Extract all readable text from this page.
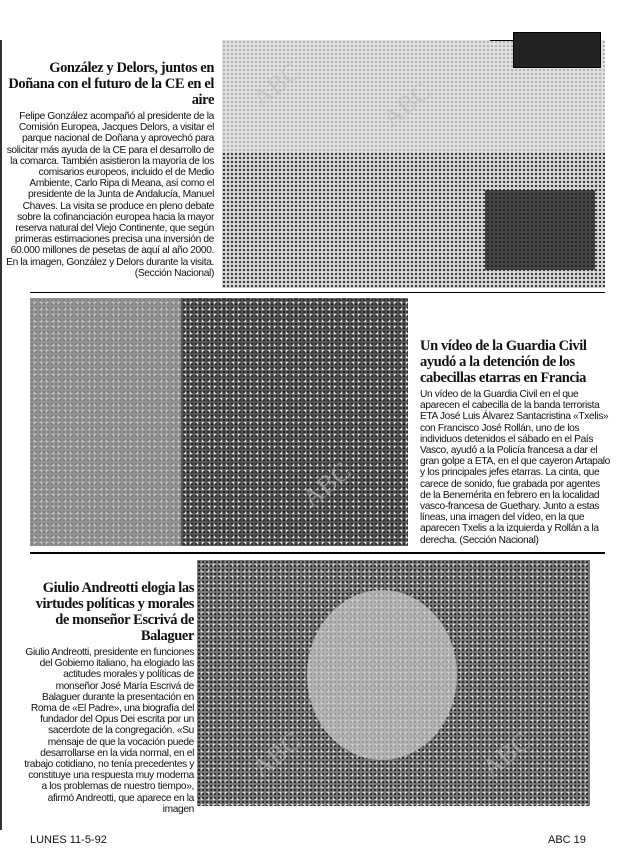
González y Delors, juntos en Doñana con el futuro de la CE en el aire
Felipe González acompañó al presidente de la Comisión Europea, Jacques Delors, a visitar el parque nacional de Doñana y aprovechó para solicitar más ayuda de la CE para el desarrollo de la comarca. También asistieron la mayoría de los comisarios europeos, incluido el de Medio Ambiente, Carlo Ripa di Meana, así como el presidente de la Junta de Andalucía, Manuel Chaves. La visita se produce en pleno debate sobre la cofinanciación europea hacia la mayor reserva natural del Viejo Continente, que según primeras estimaciones precisa una inversión de 60.000 millones de pesetas de aquí al año 2000. En la imagen, González y Delors durante la visita. (Sección Nacional)
Un vídeo de la Guardia Civil ayudó a la detención de los cabecillas etarras en Francia
Un vídeo de la Guardia Civil en el que aparecen el cabecilla de la banda terrorista ETA José Luis Álvarez Santacristina «Txelis» con Francisco José Rollán, uno de los individuos detenidos el sábado en el País Vasco, ayudó a la Policía francesa a dar el gran golpe a ETA, en el que cayeron Artapalo y los principales jefes etarras. La cinta, que carece de sonido, fue grabada por agentes de la Benemérita en febrero en la localidad vasco-francesa de Guethary. Junto a estas líneas, una imagen del vídeo, en la que aparecen Txelis a la izquierda y Rollán a la derecha. (Sección Nacional)
Giulio Andreotti elogia las virtudes políticas y morales de monseñor Escrivá de Balaguer
Giulio Andreotti, presidente en funciones del Gobierno italiano, ha elogiado las actitudes morales y políticas de monseñor José María Escrivá de Balaguer durante la presentación en Roma de «El Padre», una biografía del fundador del Opus Dei escrita por un sacerdote de la congregación. «Su mensaje de que la vocación puede desarrollarse en la vida normal, en el trabajo cotidiano, no tenía precedentes y constituye una respuesta muy moderna a los problemas de nuestro tiempo», afirmó Andreotti, que aparece en la imagen
LUNES 11-5-92	ABC 19
ABC	ABC
ABC
ABC	ABC
